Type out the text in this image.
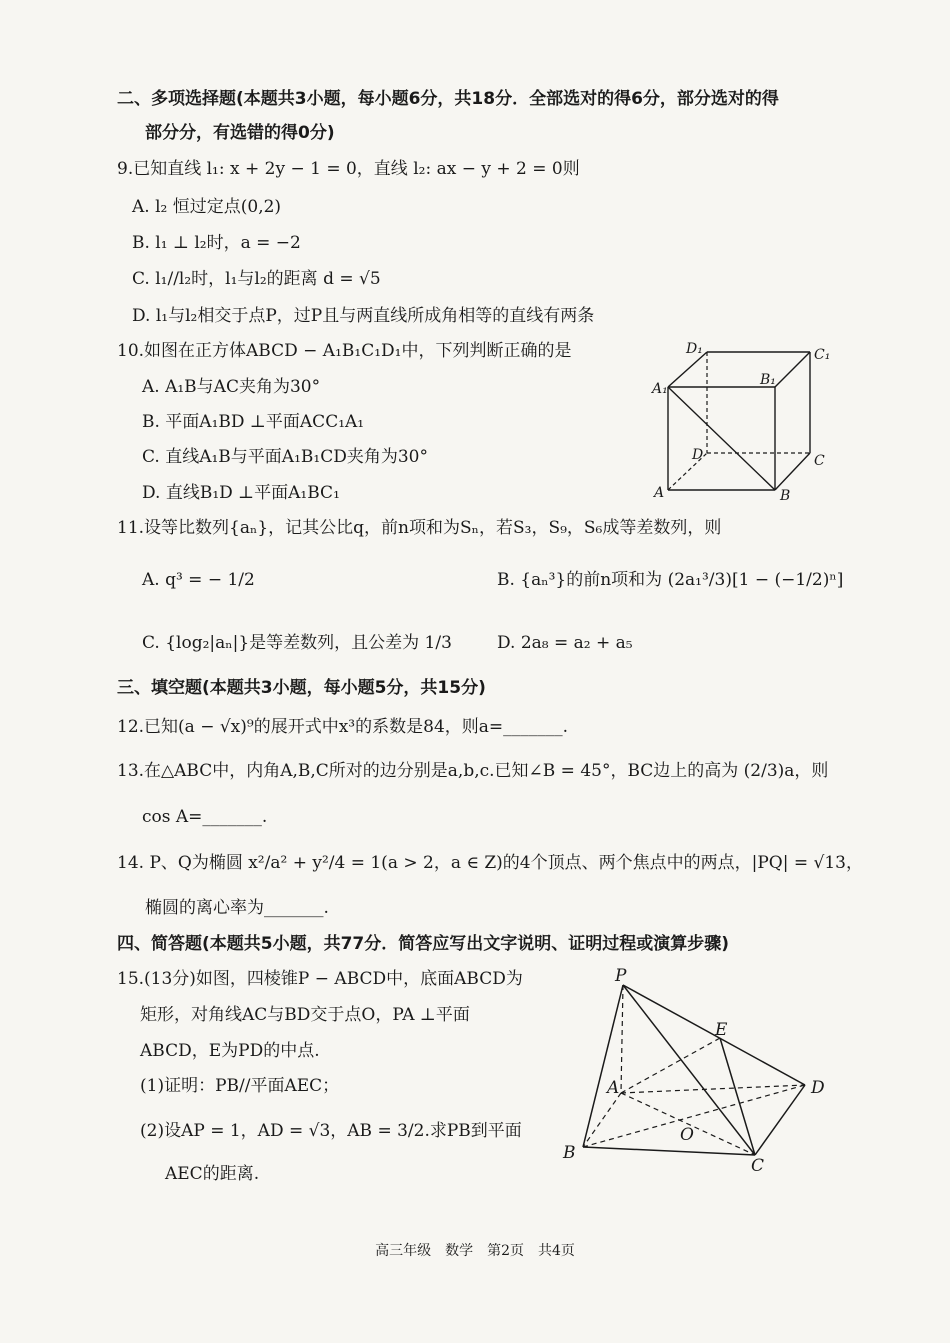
二、多项选择题(本题共3小题，每小题6分，共18分．全部选对的得6分，部分选对的得
部分分，有选错的得0分)
9.已知直线 l₁: x + 2y − 1 = 0，直线 l₂: ax − y + 2 = 0则
A. l₂ 恒过定点(0,2)
B. l₁ ⊥ l₂时，a = −2
C. l₁//l₂时，l₁与l₂的距离 d = √5
D. l₁与l₂相交于点P，过P且与两直线所成角相等的直线有两条
10.如图在正方体ABCD − A₁B₁C₁D₁中，下列判断正确的是
A. A₁B与AC夹角为30°
B. 平面A₁BD ⊥平面ACC₁A₁
C. 直线A₁B与平面A₁B₁CD夹角为30°
D. 直线B₁D ⊥平面A₁BC₁
D₁	C₁
A₁
B₁
D	C
A	B
11.设等比数列{aₙ}，记其公比q，前n项和为Sₙ，若S₃，S₉，S₆成等差数列，则
A. q³ = − 1/2	B. {aₙ³}的前n项和为 (2a₁³/3)[1 − (−1/2)ⁿ]
C. {log₂|aₙ|}是等差数列，且公差为 1/3	D. 2a₈ = a₂ + a₅
三、填空题(本题共3小题，每小题5分，共15分)
12.已知(a − √x)⁹的展开式中x³的系数是84，则a=_______.
13.在△ABC中，内角A,B,C所对的边分别是a,b,c.已知∠B = 45°，BC边上的高为 (2/3)a，则
cos A=_______.
14. P、Q为椭圆 x²/a² + y²/4 = 1(a > 2，a ∈ Z)的4个顶点、两个焦点中的两点，|PQ| = √13，
椭圆的离心率为_______.
四、简答题(本题共5小题，共77分．简答应写出文字说明、证明过程或演算步骤)
15.(13分)如图，四棱锥P − ABCD中，底面ABCD为
矩形，对角线AC与BD交于点O，PA ⊥平面
ABCD，E为PD的中点.
(1)证明：PB//平面AEC；
(2)设AP = 1，AD = √3，AB = 3/2.求PB到平面
AEC的距离.
P
E
A	D
O
B
C
高三年级　数学　第2页　共4页
